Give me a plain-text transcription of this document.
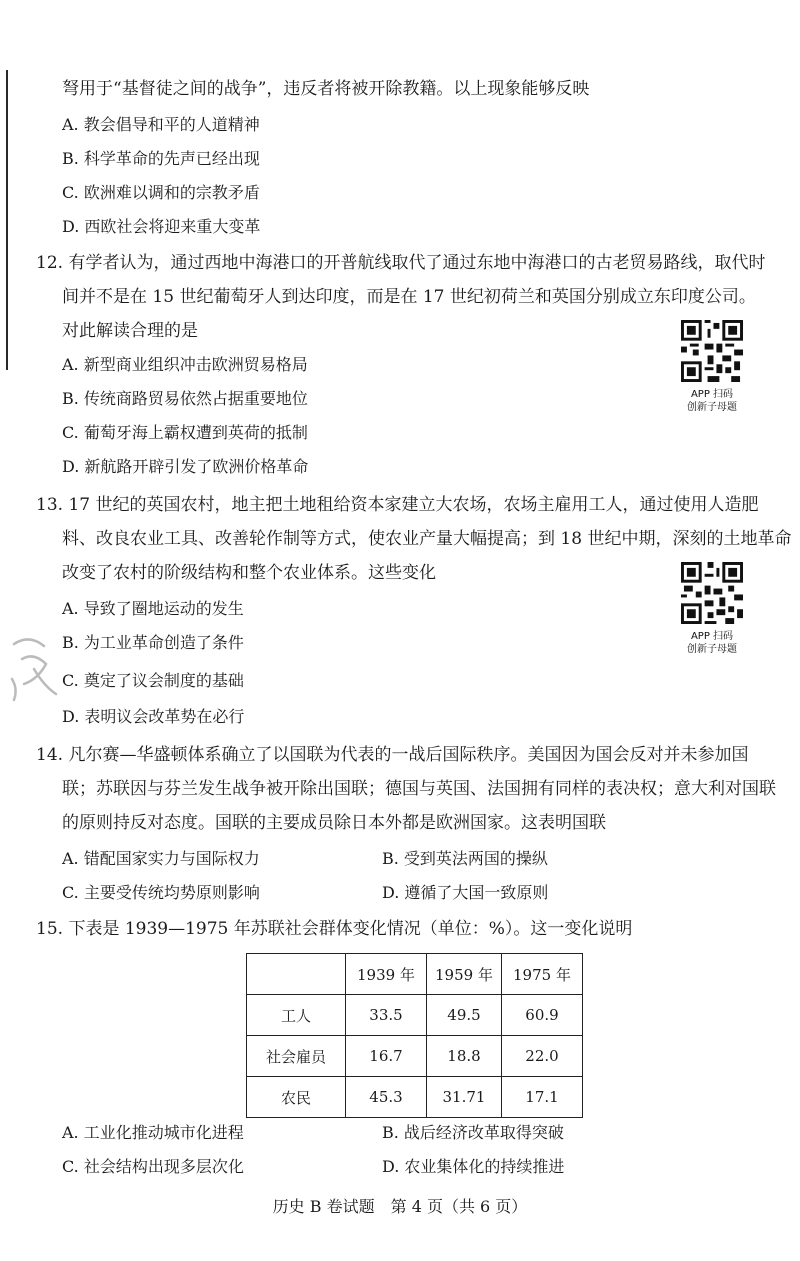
弩用于“基督徒之间的战争”，违反者将被开除教籍。以上现象能够反映
A. 教会倡导和平的人道精神
B. 科学革命的先声已经出现
C. 欧洲难以调和的宗教矛盾
D. 西欧社会将迎来重大变革
12. 有学者认为，通过西地中海港口的开普航线取代了通过东地中海港口的古老贸易路线，取代时
间并不是在 15 世纪葡萄牙人到达印度，而是在 17 世纪初荷兰和英国分别成立东印度公司。
对此解读合理的是
A. 新型商业组织冲击欧洲贸易格局
B. 传统商路贸易依然占据重要地位
C. 葡萄牙海上霸权遭到英荷的抵制
D. 新航路开辟引发了欧洲价格革命
APP 扫码
创新子母题
13. 17 世纪的英国农村，地主把土地租给资本家建立大农场，农场主雇用工人，通过使用人造肥
料、改良农业工具、改善轮作制等方式，使农业产量大幅提高；到 18 世纪中期，深刻的土地革命
改变了农村的阶级结构和整个农业体系。这些变化
A. 导致了圈地运动的发生
B. 为工业革命创造了条件
C. 奠定了议会制度的基础
D. 表明议会改革势在必行
APP 扫码
创新子母题
14. 凡尔赛—华盛顿体系确立了以国联为代表的一战后国际秩序。美国因为国会反对并未参加国
联；苏联因与芬兰发生战争被开除出国联；德国与英国、法国拥有同样的表决权；意大利对国联
的原则持反对态度。国联的主要成员除日本外都是欧洲国家。这表明国联
A. 错配国家实力与国际权力	B. 受到英法两国的操纵
C. 主要受传统均势原则影响	D. 遵循了大国一致原则
15. 下表是 1939—1975 年苏联社会群体变化情况（单位：%）。这一变化说明
	1939 年	1959 年	1975 年
工人	33.5	49.5	60.9
社会雇员	16.7	18.8	22.0
农民	45.3	31.71	17.1
A. 工业化推动城市化进程	B. 战后经济改革取得突破
C. 社会结构出现多层次化	D. 农业集体化的持续推进
历史 B 卷试题　第 4 页（共 6 页）
